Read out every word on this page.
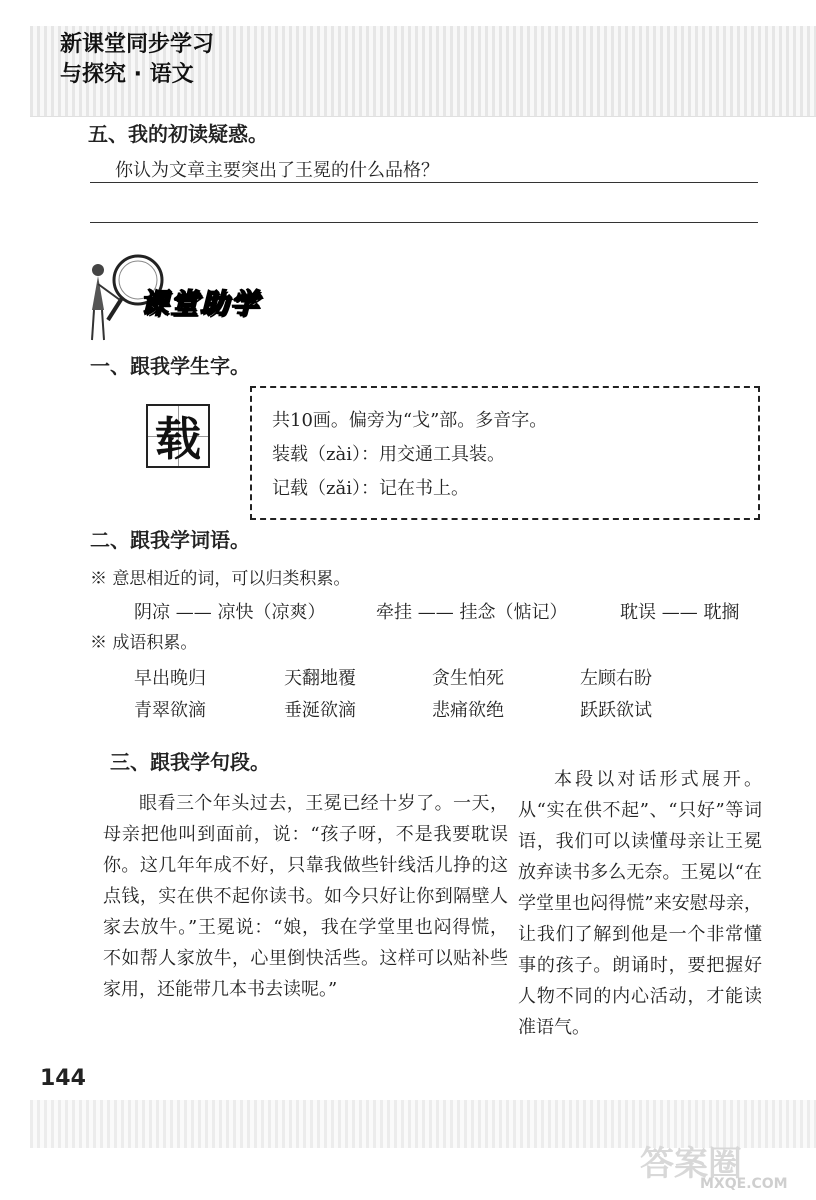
新课堂同步学习
与探究 · 语文
五、我的初读疑惑。
你认为文章主要突出了王冕的什么品格？
课堂助学
一、跟我学生字。
载	共10画。偏旁为“戈”部。多音字。
装载（zài）：用交通工具装。
记载（zǎi）：记在书上。
二、跟我学词语。
※ 意思相近的词，可以归类积累。
阴凉 —— 凉快（凉爽）	牵挂 —— 挂念（惦记）	耽误 —— 耽搁
※ 成语积累。
早出晚归	天翻地覆	贪生怕死	左顾右盼
青翠欲滴	垂涎欲滴	悲痛欲绝	跃跃欲试
三、跟我学句段。
眼看三个年头过去，王冕已经十岁了。一天，母亲把他叫到面前，说：“孩子呀，不是我要耽误你。这几年年成不好，只靠我做些针线活儿挣的这点钱，实在供不起你读书。如今只好让你到隔壁人家去放牛。”王冕说：“娘，我在学堂里也闷得慌，不如帮人家放牛，心里倒快活些。这样可以贴补些家用，还能带几本书去读呢。”
本段以对话形式展开。从“实在供不起”、“只好”等词语，我们可以读懂母亲让王冕放弃读书多么无奈。王冕以“在学堂里也闷得慌”来安慰母亲，让我们了解到他是一个非常懂事的孩子。朗诵时，要把握好人物不同的内心活动，才能读准语气。
144
答案圈
MXQE.COM
